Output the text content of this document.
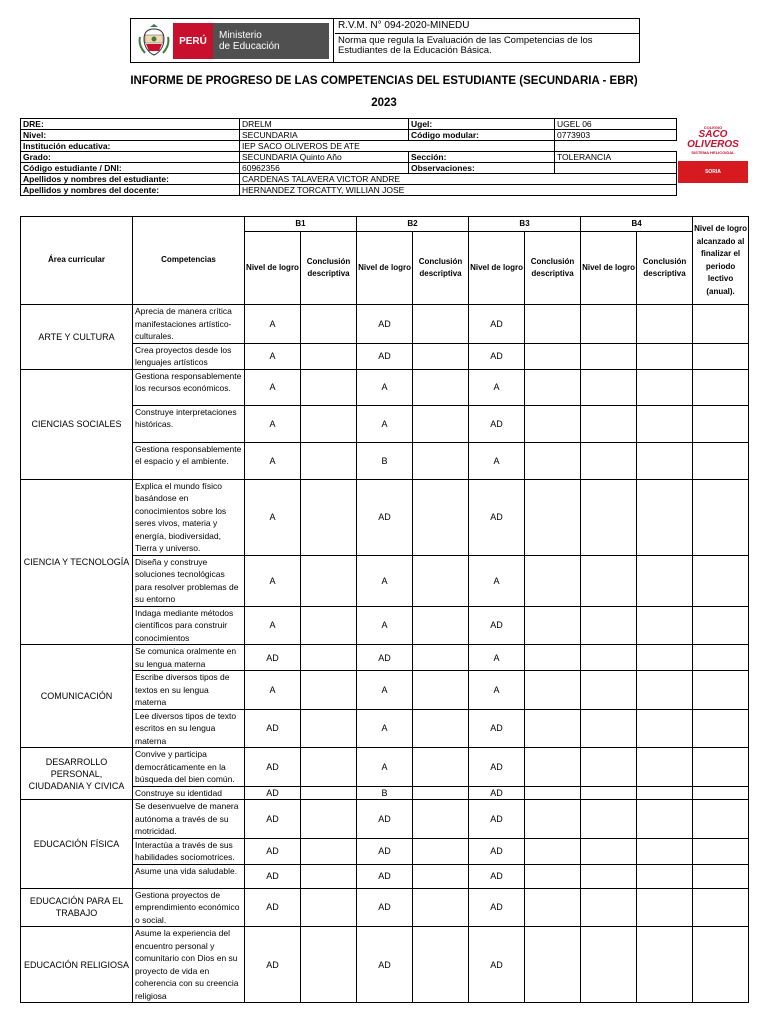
PERÚ	Ministerio
de Educación
R.V.M. N° 094-2020-MINEDU
Norma que regula la Evaluación de las Competencias de los Estudiantes de la Educación Básica.
INFORME DE PROGRESO DE LAS COMPETENCIAS DEL ESTUDIANTE (SECUNDARIA - EBR)
2023
DRE:	DRELM	Ugel:	UGEL 06
Nivel:	SECUNDARIA	Código modular:	0773903
Institución educativa:	IEP SACO OLIVEROS DE ATE		
Grado:	SECUNDARIA Quinto Año	Sección:	TOLERANCIA
Código estudiante / DNI:	60962356	Observaciones:	
Apellidos y nombres del estudiante:	CARDENAS TALAVERA VICTOR ANDRE		
Apellidos y nombres del docente:	HERNANDEZ TORCATTY, WILLIAN JOSE		
COLEGIO
SACO
OLIVEROS
SISTEMA HELICOIDAL
SORIA
Área curricular	Competencias	B1		B2		B3		B4		Nivel de logro alcanzado al finalizar el periodo lectivo (anual).
		Nivel de logro	Conclusión descriptiva	Nivel de logro	Conclusión descriptiva	Nivel de logro	Conclusión descriptiva	Nivel de logro	Conclusión descriptiva	
ARTE Y CULTURA	Aprecia de manera crítica manifestaciones artístico-culturales.	A		AD		AD				
	Crea proyectos desde los lenguajes artísticos	A		AD		AD				
CIENCIAS SOCIALES	Gestiona responsablemente los recursos económicos.	A		A		A				
	Construye interpretaciones históricas.	A		A		AD				
	Gestiona responsablemente el espacio y el ambiente.	A		B		A				
CIENCIA Y TECNOLOGÍA	Explica el mundo físico basándose en conocimientos sobre los seres vivos, materia y energía, biodiversidad, Tierra y universo.	A		AD		AD				
	Diseña y construye soluciones tecnológicas para resolver problemas de su entorno	A		A		A				
	Indaga mediante métodos científicos para construir conocimientos	A		A		AD				
COMUNICACIÓN	Se comunica oralmente en su lengua materna	AD		AD		A				
	Escribe diversos tipos de textos en su lengua materna	A		A		A				
	Lee diversos tipos de texto escritos en su lengua materna	AD		A		AD				
DESARROLLO PERSONAL, CIUDADANIA Y CIVICA	Convive y participa democráticamente en la búsqueda del bien común.	AD		A		AD				
	Construye su identidad	AD		B		AD				
EDUCACIÓN FÍSICA	Se desenvuelve de manera autónoma a través de su motricidad.	AD		AD		AD				
	Interactúa a través de sus habilidades sociomotrices.	AD		AD		AD				
	Asume una vida saludable.	AD		AD		AD				
EDUCACIÓN PARA EL TRABAJO	Gestiona proyectos de emprendimiento económico o social.	AD		AD		AD				
EDUCACIÓN RELIGIOSA	Asume la experiencia del encuentro personal y comunitario con Dios en su proyecto de vida en coherencia con su creencia religiosa	AD		AD		AD				
